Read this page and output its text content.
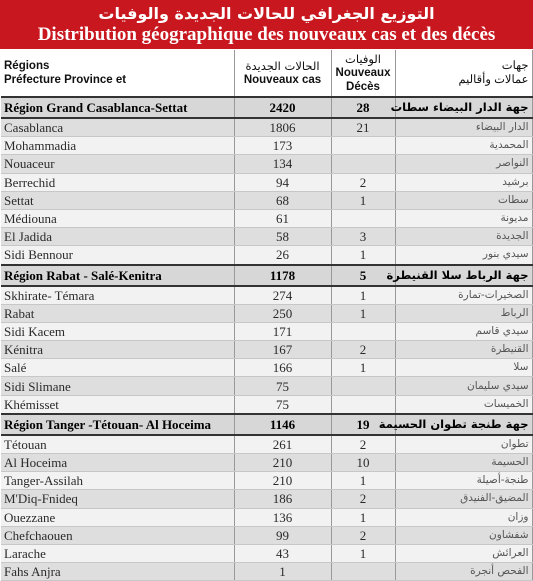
التوزيع الجغرافي للحالات الجديدة والوفيات
Distribution géographique des nouveaux cas et des décès
Régions
Préfecture Province et	الحالات الجديدة
Nouveaux cas	الوفيات
Nouveaux
Décès	جهات
عمالات وأقاليم

Région Grand Casablanca-Settat	2420	28	جهة الدار البيضاء سطات
Casablanca	1806	21	الدار البيضاء
Mohammadia	173		المحمدية
Nouaceur	134		النواصر
Berrechid	94	2	برشيد
Settat	68	1	سطات
Médiouna	61		مديونة
El Jadida	58	3	الجديدة
Sidi Bennour	26	1	سيدي بنور
Région Rabat - Salé-Kenitra	1178	5	جهة الرباط سلا القنيطرة
Skhirate- Témara	274	1	الصخيرات-تمارة
Rabat	250	1	الرباط
Sidi Kacem	171		سيدي قاسم
Kénitra	167	2	القنيطرة
Salé	166	1	سلا
Sidi Slimane	75		سيدي سليمان
Khémisset	75		الخميسات
Région Tanger -Tétouan- Al Hoceima	1146	19	جهة طنجة تطوان الحسيمة
Tétouan	261	2	تطوان
Al Hoceima	210	10	الحسيمة
Tanger-Assilah	210	1	طنجة-أصيلة
M'Diq-Fnideq	186	2	المضيق-الفنيدق
Ouezzane	136	1	وزان
Chefchaouen	99	2	شفشاون
Larache	43	1	العرائش
Fahs Anjra	1		الفحص أنجرة
